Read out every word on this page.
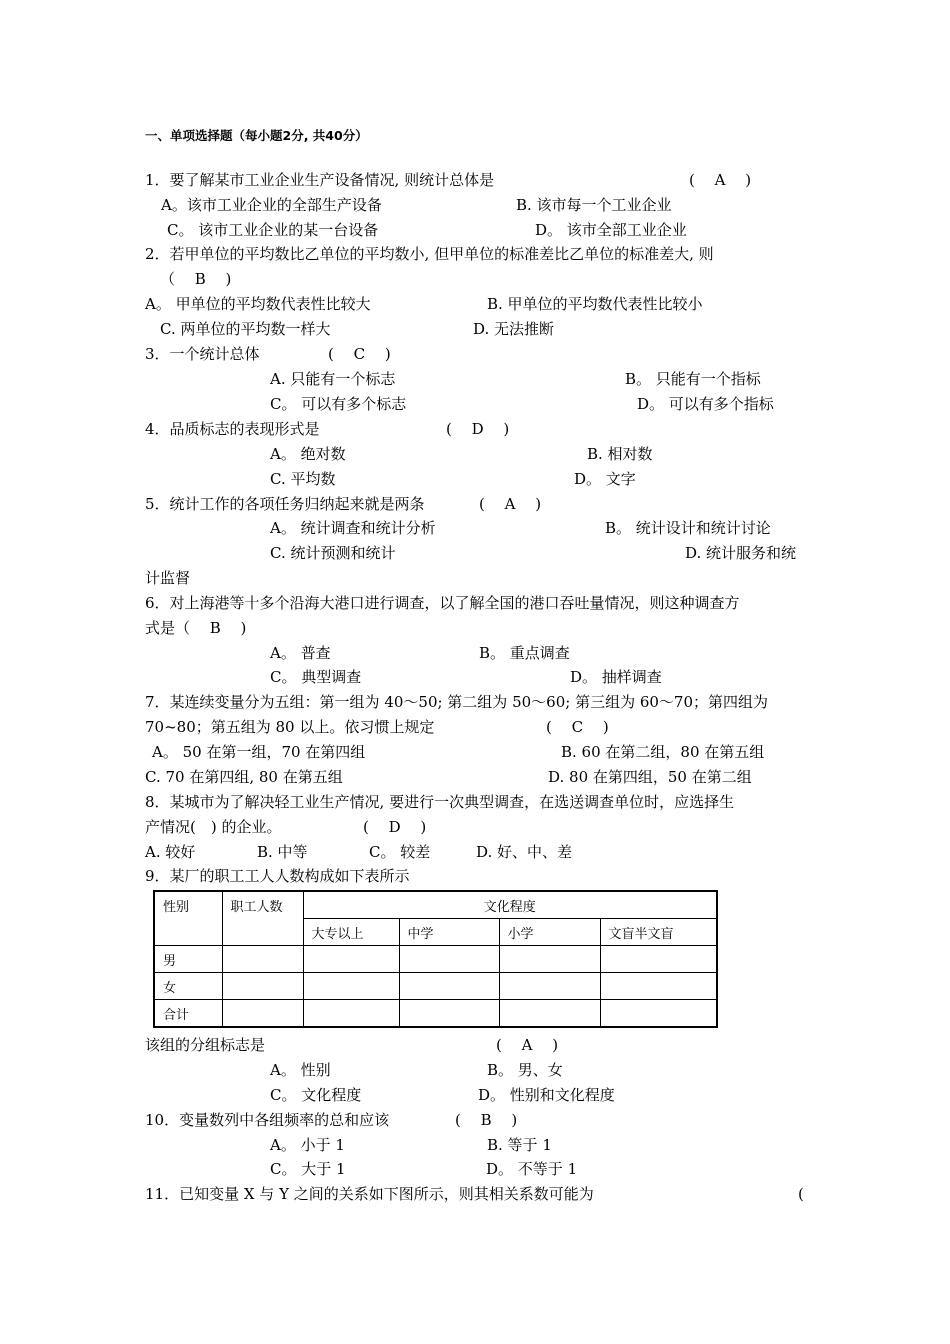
一、单项选择题（每小题2分, 共40分）
1．要了解某市工业企业生产设备情况, 则统计总体是	(　 A　 )
A。该市工业企业的全部生产设备	B. 该市每一个工业企业
C。 该市工业企业的某一台设备	D。 该市全部工业企业
2．若甲单位的平均数比乙单位的平均数小, 但甲单位的标准差比乙单位的标准差大, 则
（　 B　 )
A。 甲单位的平均数代表性比较大	B. 甲单位的平均数代表性比较小
C. 两单位的平均数一样大	D. 无法推断
3．一个统计总体	(　 C　 )
A. 只能有一个标志	B。 只能有一个指标
C。 可以有多个标志	D。 可以有多个指标
4．品质标志的表现形式是	(　 D　 )
A。 绝对数	B. 相对数
C. 平均数	D。 文字
5．统计工作的各项任务归纳起来就是两条	(　 A　 )
A。 统计调查和统计分析	B。 统计设计和统计讨论
C. 统计预测和统计	D. 统计服务和统
计监督
6．对上海港等十多个沿海大港口进行调查，以了解全国的港口吞吐量情况，则这种调查方
式是（　 B　 )
A。 普查	B。 重点调查
C。 典型调查	D。 抽样调查
7．某连续变量分为五组：第一组为 40～50; 第二组为 50～60; 第三组为 60～70；第四组为
70~80；第五组为 80 以上。依习惯上规定	(　 C　 )
A。 50 在第一组，70 在第四组	B. 60 在第二组，80 在第五组
C. 70 在第四组, 80 在第五组	D. 80 在第四组，50 在第二组
8．某城市为了解决轻工业生产情况, 要进行一次典型调查，在选送调查单位时，应选择生
产情况(　) 的企业。	(　 D　 )
A. 较好	B. 中等	C。 较差	D. 好、中、差
9．某厂的职工工人人数构成如下表所示
性别	职工人数	文化程度			
		大专以上	中学	小学	文盲半文盲
男					
女					
合计					
该组的分组标志是	(　 A　 )
A。 性别	B。 男、女
C。 文化程度	D。 性别和文化程度
10．变量数列中各组频率的总和应该	(　 B　 )
A。 小于 1	B. 等于 1
C。 大于 1	D。 不等于 1
11．已知变量 X 与 Y 之间的关系如下图所示，则其相关系数可能为	(
